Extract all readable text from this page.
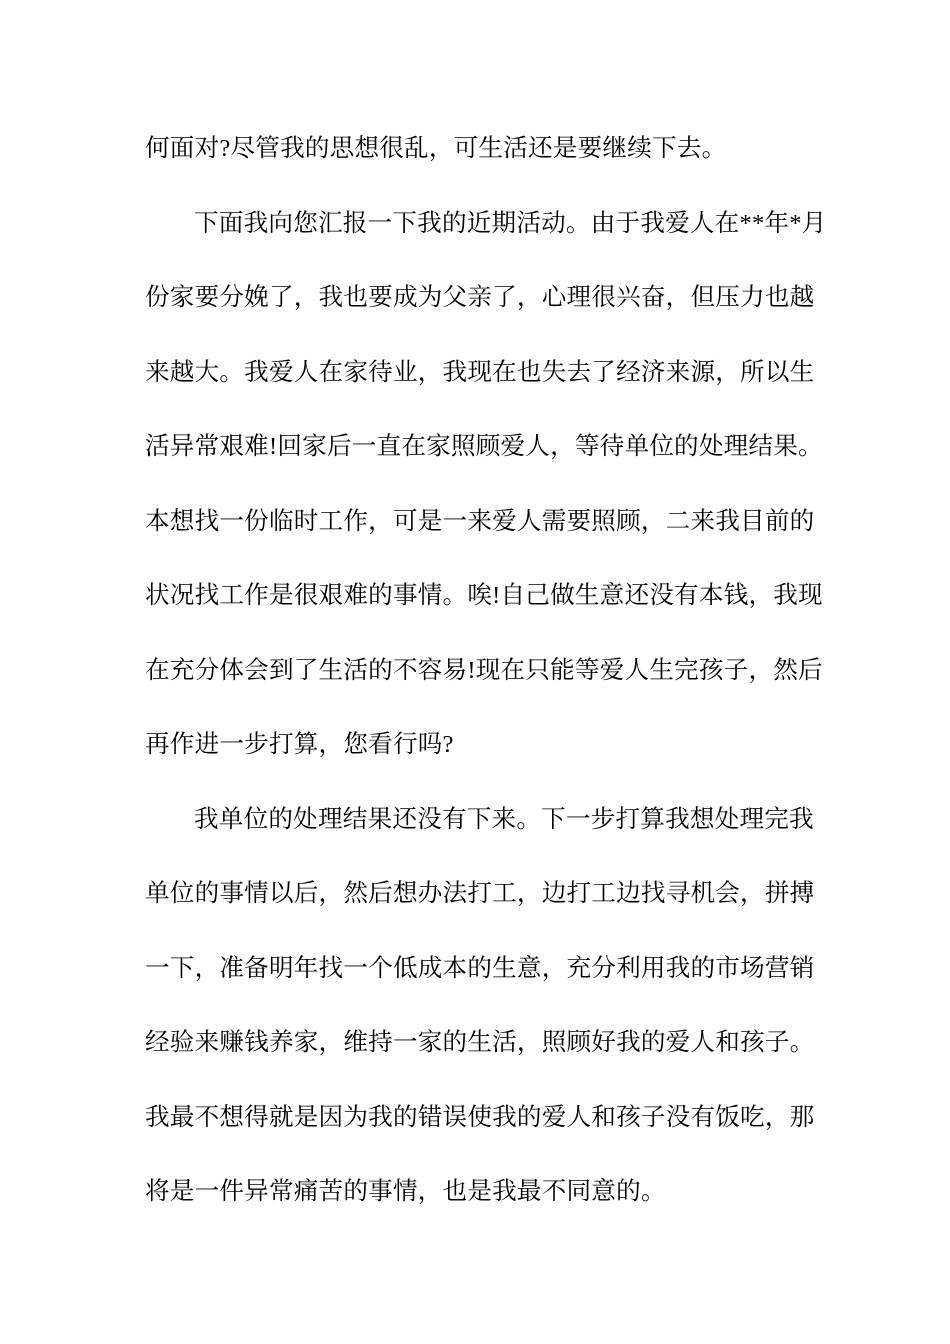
何面对?尽管我的思想很乱，可生活还是要继续下去。
下面我向您汇报一下我的近期活动。由于我爱人在**年*月
份家要分娩了，我也要成为父亲了，心理很兴奋，但压力也越
来越大。我爱人在家待业，我现在也失去了经济来源，所以生
活异常艰难!回家后一直在家照顾爱人，等待单位的处理结果。
本想找一份临时工作，可是一来爱人需要照顾，二来我目前的
状况找工作是很艰难的事情。唉!自己做生意还没有本钱，我现
在充分体会到了生活的不容易!现在只能等爱人生完孩子，然后
再作进一步打算，您看行吗?
我单位的处理结果还没有下来。下一步打算我想处理完我
单位的事情以后，然后想办法打工，边打工边找寻机会，拼搏
一下，准备明年找一个低成本的生意，充分利用我的市场营销
经验来赚钱养家，维持一家的生活，照顾好我的爱人和孩子。
我最不想得就是因为我的错误使我的爱人和孩子没有饭吃，那
将是一件异常痛苦的事情，也是我最不同意的。
